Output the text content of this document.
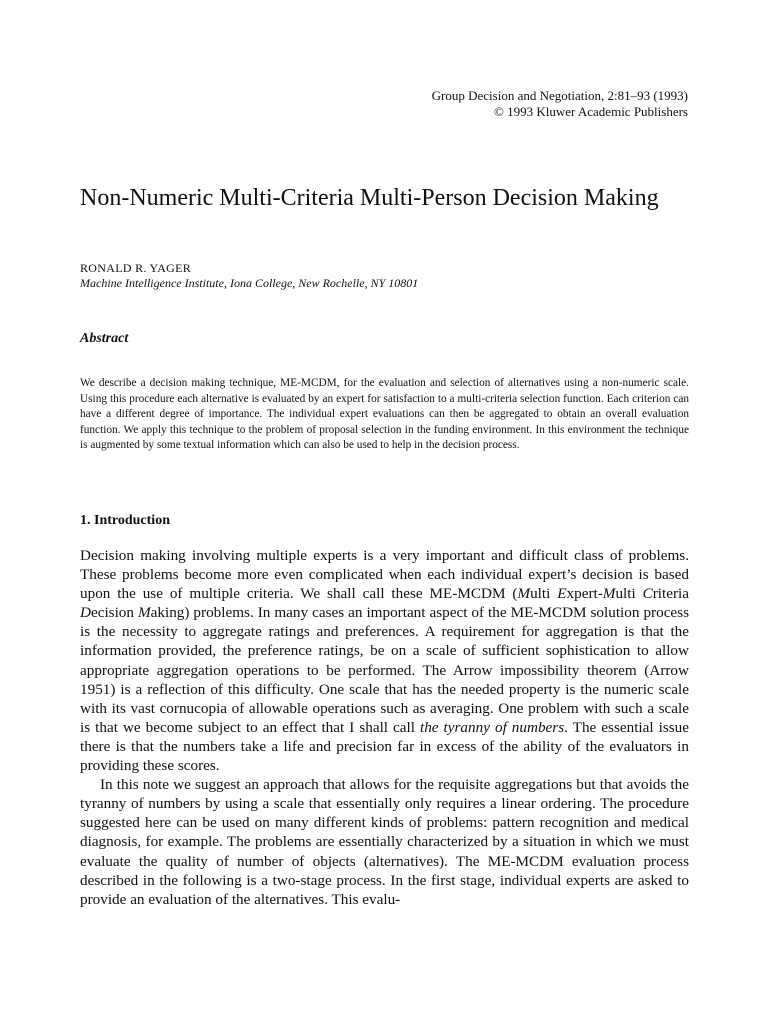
Group Decision and Negotiation, 2:81–93 (1993)
© 1993 Kluwer Academic Publishers
Non-Numeric Multi-Criteria Multi-Person Decision Making
RONALD R. YAGER
Machine Intelligence Institute, Iona College, New Rochelle, NY 10801
Abstract

We describe a decision making technique, ME-MCDM, for the evaluation and selection of alternatives using a non-numeric scale. Using this procedure each alternative is evaluated by an expert for satisfaction to a multi-criteria selection function. Each criterion can have a different degree of importance. The individual expert evaluations can then be aggregated to obtain an overall evaluation function. We apply this technique to the problem of proposal selection in the funding environment. In this environment the technique is augmented by some textual information which can also be used to help in the decision process.

1. Introduction

Decision making involving multiple experts is a very important and difficult class of problems. These problems become more even complicated when each individual expert’s decision is based upon the use of multiple criteria. We shall call these ME-MCDM (Multi Expert-Multi Criteria Decision Making) problems. In many cases an important aspect of the ME-MCDM solution process is the necessity to aggregate ratings and preferences. A requirement for aggregation is that the information provided, the preference ratings, be on a scale of sufficient sophistication to allow appropriate aggregation operations to be performed. The Arrow impossibility theorem (Arrow 1951) is a reflection of this difficulty. One scale that has the needed property is the numeric scale with its vast cornucopia of allowable operations such as averaging. One problem with such a scale is that we become subject to an effect that I shall call the tyranny of numbers. The essential issue there is that the numbers take a life and precision far in excess of the ability of the evaluators in providing these scores.

In this note we suggest an approach that allows for the requisite aggregations but that avoids the tyranny of numbers by using a scale that essentially only requires a linear ordering. The procedure suggested here can be used on many different kinds of problems: pattern recognition and medical diagnosis, for example. The problems are essentially characterized by a situation in which we must evaluate the quality of number of objects (alternatives). The ME-MCDM evaluation process described in the following is a two-stage process. In the first stage, individual experts are asked to provide an evaluation of the alternatives. This evalu-
